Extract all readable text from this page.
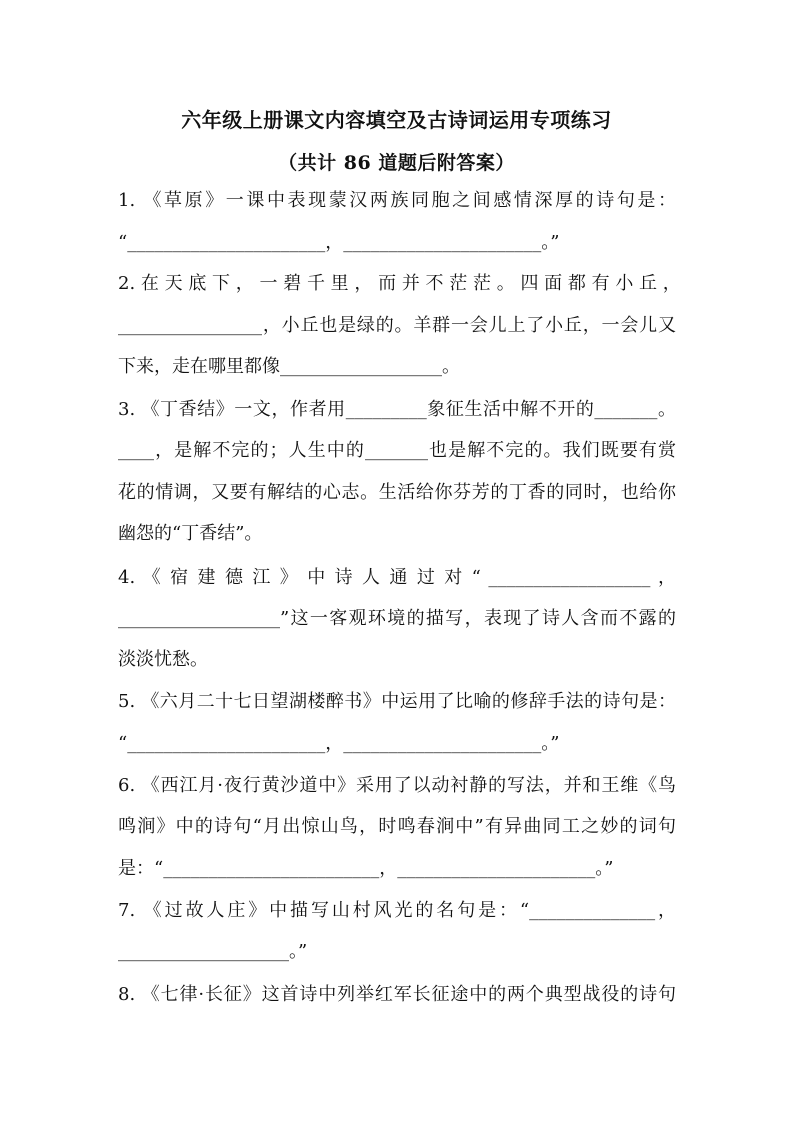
六年级上册课文内容填空及古诗词运用专项练习
（共计 86 道题后附答案）
1. 《草原》一课中表现蒙汉两族同胞之间感情深厚的诗句是：
“______________________，______________________。”
2. 在 天 底 下 ， 一 碧 千 里 ， 而 并 不 茫 茫 。 四 面 都 有 小 丘 ，
________________，小丘也是绿的。羊群一会儿上了小丘，一会儿又
下来，走在哪里都像__________________。
3. 《丁香结》一文，作者用_________象征生活中解不开的_______。
____，是解不完的；人生中的_______也是解不完的。我们既要有赏
花的情调，又要有解结的心志。生活给你芬芳的丁香的同时，也给你
幽怨的“丁香结”。
4. 《 宿 建 德 江 》 中 诗 人 通 过 对 “ __________________ ，
__________________”这一客观环境的描写，表现了诗人含而不露的
淡淡忧愁。
5. 《六月二十七日望湖楼醉书》中运用了比喻的修辞手法的诗句是：
“______________________，______________________。”
6. 《西江月·夜行黄沙道中》采用了以动衬静的写法，并和王维《鸟
鸣涧》中的诗句“月出惊山鸟，时鸣春涧中”有异曲同工之妙的词句
是：“________________________，______________________。”
7. 《过故人庄》中描写山村风光的名句是：“______________，
___________________。”
8. 《七律·长征》这首诗中列举红军长征途中的两个典型战役的诗句
